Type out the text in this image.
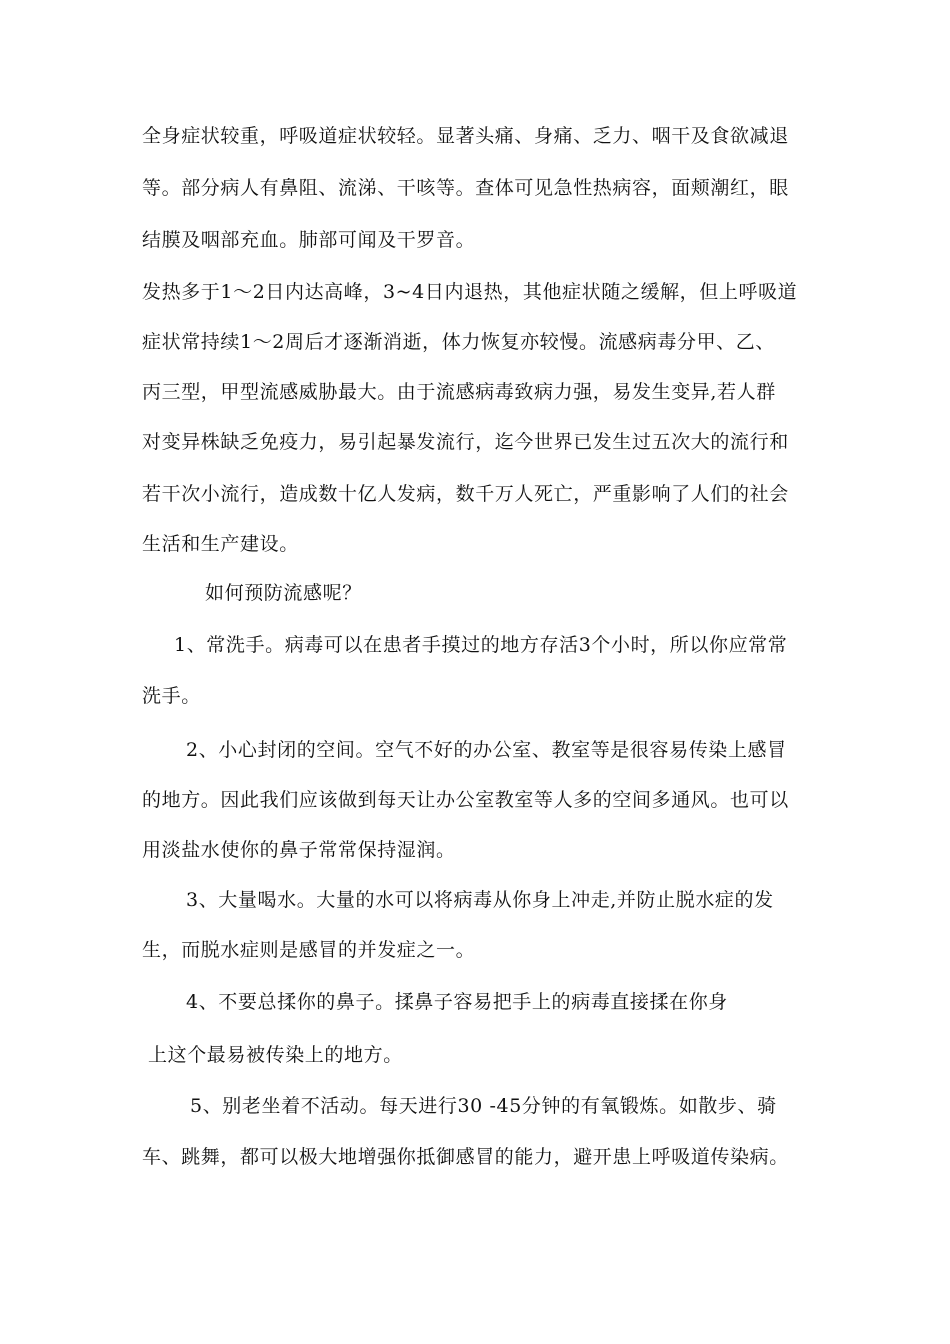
全身症状较重，呼吸道症状较轻。显著头痛、身痛、乏力、咽干及食欲减退
等。部分病人有鼻阻、流涕、干咳等。查体可见急性热病容，面颊潮红，眼
结膜及咽部充血。肺部可闻及干罗音。
发热多于1〜2日内达高峰，3~4日内退热，其他症状随之缓解，但上呼吸道
症状常持续1〜2周后才逐渐消逝，体力恢复亦较慢。流感病毒分甲、乙、
丙三型，甲型流感威胁最大。由于流感病毒致病力强，易发生变异,若人群
对变异株缺乏免疫力，易引起暴发流行，迄今世界已发生过五次大的流行和
若干次小流行，造成数十亿人发病，数千万人死亡，严重影响了人们的社会
生活和生产建设。
如何预防流感呢？
1、常洗手。病毒可以在患者手摸过的地方存活3个小时，所以你应常常
洗手。
2、小心封闭的空间。空气不好的办公室、教室等是很容易传染上感冒
的地方。因此我们应该做到每天让办公室教室等人多的空间多通风。也可以
用淡盐水使你的鼻子常常保持湿润。
3、大量喝水。大量的水可以将病毒从你身上冲走,并防止脱水症的发
生，而脱水症则是感冒的并发症之一。
4、不要总揉你的鼻子。揉鼻子容易把手上的病毒直接揉在你身
上这个最易被传染上的地方。
5、别老坐着不活动。每天进行30 -45分钟的有氧锻炼。如散步、骑
车、跳舞，都可以极大地增强你抵御感冒的能力，避开患上呼吸道传染病。
